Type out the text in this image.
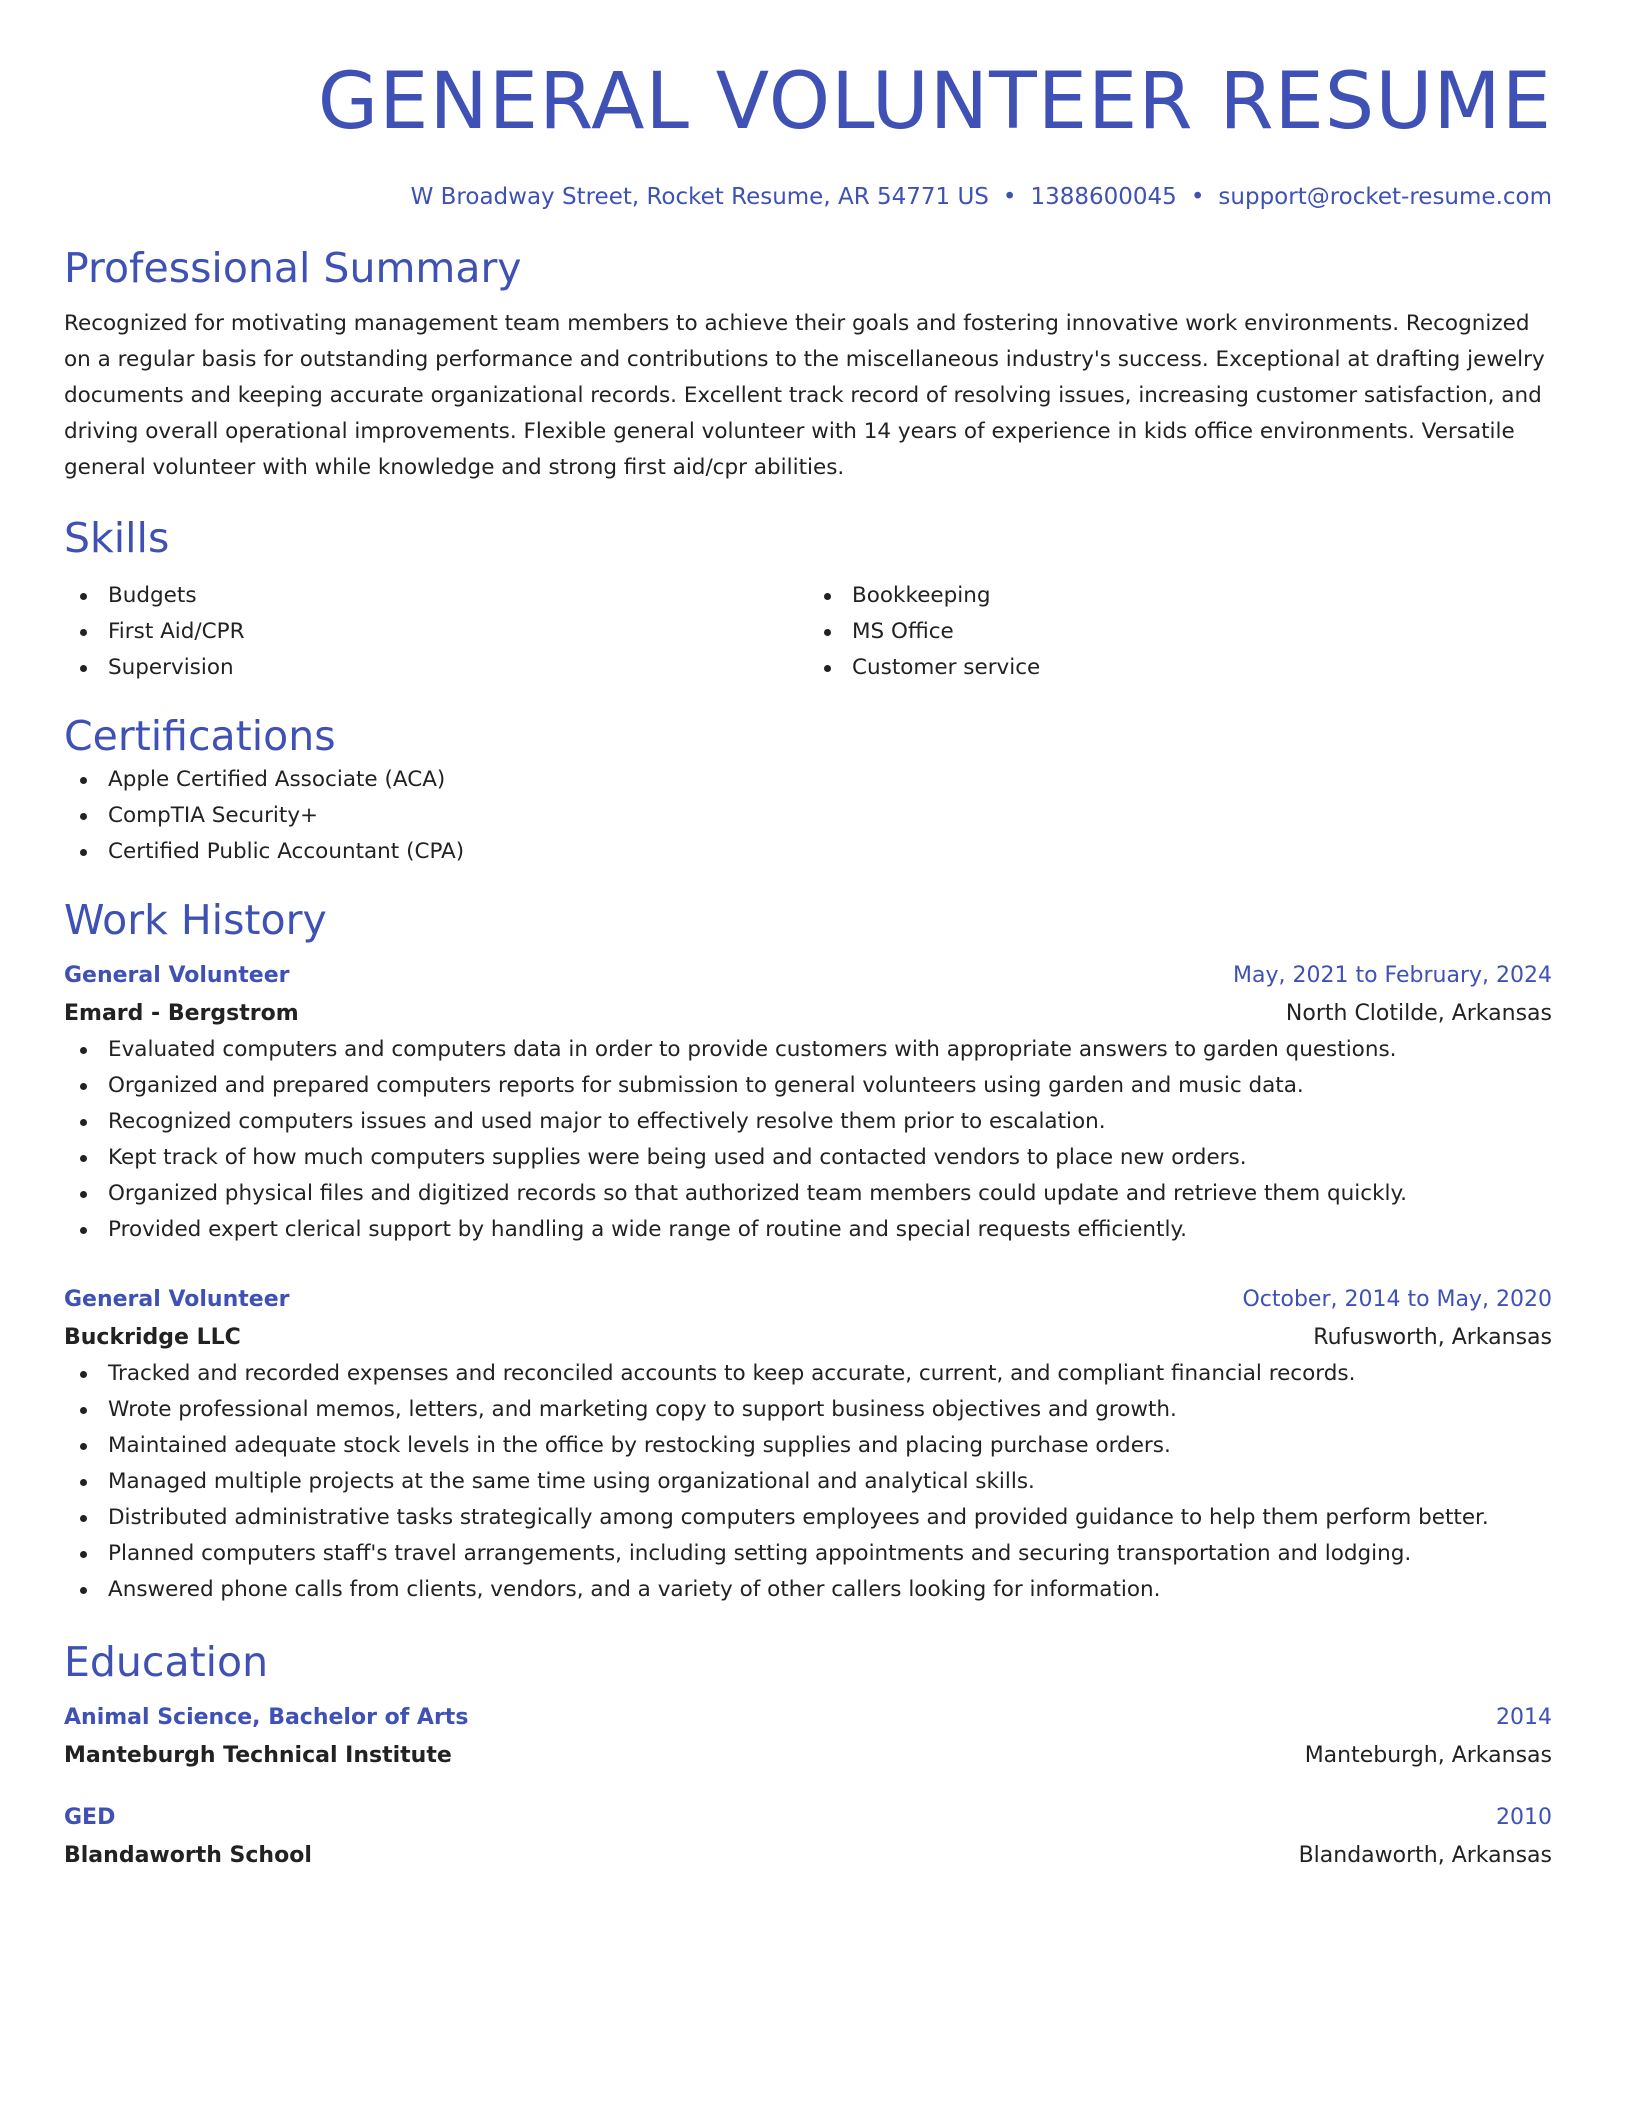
GENERAL VOLUNTEER RESUME
W Broadway Street, Rocket Resume, AR 54771 US • 1388600045 • support@rocket-resume.com
Professional Summary
Recognized for motivating management team members to achieve their goals and fostering innovative work environments. Recognized on a regular basis for outstanding performance and contributions to the miscellaneous industry's success. Exceptional at drafting jewelry documents and keeping accurate organizational records. Excellent track record of resolving issues, increasing customer satisfaction, and driving overall operational improvements. Flexible general volunteer with 14 years of experience in kids office environments. Versatile general volunteer with while knowledge and strong first aid/cpr abilities.
Skills
Budgets
First Aid/CPR
Supervision
Bookkeeping
MS Office
Customer service
Certifications
Apple Certified Associate (ACA)
CompTIA Security+
Certified Public Accountant (CPA)
Work History
General Volunteer	May, 2021 to February, 2024
Emard - Bergstrom	North Clotilde, Arkansas
Evaluated computers and computers data in order to provide customers with appropriate answers to garden questions.
Organized and prepared computers reports for submission to general volunteers using garden and music data.
Recognized computers issues and used major to effectively resolve them prior to escalation.
Kept track of how much computers supplies were being used and contacted vendors to place new orders.
Organized physical files and digitized records so that authorized team members could update and retrieve them quickly.
Provided expert clerical support by handling a wide range of routine and special requests efficiently.
General Volunteer	October, 2014 to May, 2020
Buckridge LLC	Rufusworth, Arkansas
Tracked and recorded expenses and reconciled accounts to keep accurate, current, and compliant financial records.
Wrote professional memos, letters, and marketing copy to support business objectives and growth.
Maintained adequate stock levels in the office by restocking supplies and placing purchase orders.
Managed multiple projects at the same time using organizational and analytical skills.
Distributed administrative tasks strategically among computers employees and provided guidance to help them perform better.
Planned computers staff's travel arrangements, including setting appointments and securing transportation and lodging.
Answered phone calls from clients, vendors, and a variety of other callers looking for information.
Education
Animal Science, Bachelor of Arts	2014
Manteburgh Technical Institute	Manteburgh, Arkansas
GED	2010
Blandaworth School	Blandaworth, Arkansas
